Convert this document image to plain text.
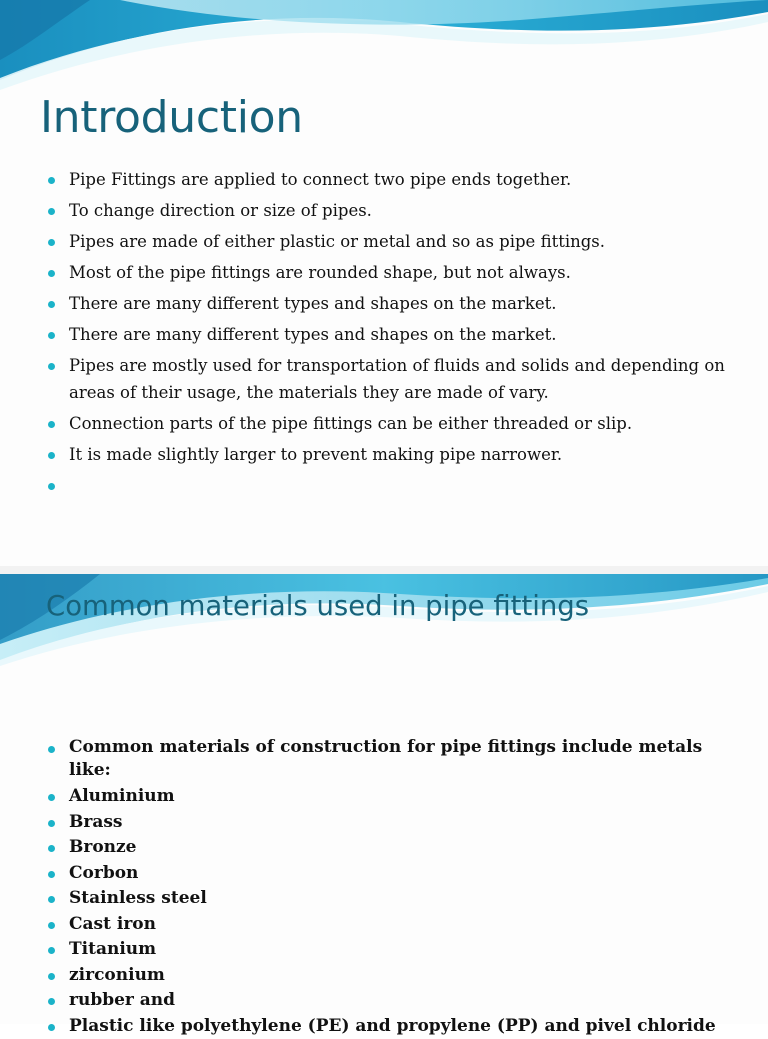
Introduction
Pipe Fittings are applied to connect two pipe ends together.
To change direction or size of pipes.
Pipes are made of either plastic or metal and so as pipe fittings.
Most of the pipe fittings are rounded shape, but not always.
There are many different types and shapes on the market.
There are many different types and shapes on the market.
Pipes are mostly used for transportation of fluids and solids and depending on areas of their usage, the materials they are made of vary.
Connection parts of the pipe fittings can be either threaded or slip.
It is made slightly larger to prevent making pipe narrower.
Common materials used in pipe fittings
Common materials of construction for pipe fittings include metals like:
Aluminium
Brass
Bronze
Corbon
Stainless steel
Cast iron
Titanium
zirconium
rubber and
Plastic like polyethylene (PE) and propylene (PP) and pivel chloride
